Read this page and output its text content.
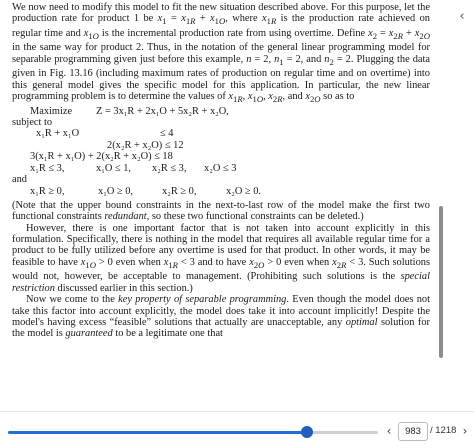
We now need to modify this model to fit the new situation described above. For this purpose, let the production rate for product 1 be $x_1 = x_{1R} + x_{1O}$, where $x_{1R}$ is the production rate achieved on regular time and $x_{1O}$ is the incremental production rate from using overtime. Define $x_2 = x_{2R} + x_{2O}$ in the same way for product 2. Thus, in the notation of the general linear programming model for separable programming given just before this example, n = 2, $n_1 = 2$, and $n_2 = 2$. Plugging the data given in Fig. 13.16 (including maximum rates of production on regular time and on overtime) into this general model gives the specific model for this application. In particular, the new linear programming problem is to determine the values of $x_{1R}$, $x_{1O}$, $x_{2R}$, and $x_{2O}$ so as to

Maximize Z = 3x₁R + 2x₁O + 5x₂R + x₂O,

subject to

x₁R + x₁O	≤ 4
2(x₂R + x₂O) ≤ 12
3(x₁R + x₁O) + 2(x₂R + x₂O) ≤ 18
x₁R ≤ 3,	x₁O ≤ 1, x₂R ≤ 3, x₂O ≤ 3

and

x₁R ≥ 0,	x₁O ≥ 0,	x₂R ≥ 0,	x₂O ≥ 0.

(Note that the upper bound constraints in the next-to-last row of the model make the first two functional constraints redundant, so these two functional constraints can be deleted.)

However, there is one important factor that is not taken into account explicitly in this formulation. Specifically, there is nothing in the model that requires all available regular time for a product to be fully utilized before any overtime is used for that product. In other words, it may be feasible to have $x_{1O} > 0$ even when $x_{1R} < 3$ and to have $x_{2O} > 0$ even when $x_{2R} < 3$. Such solutions would not, however, be acceptable to management. (Prohibiting such solutions is the special restriction discussed earlier in this section.)

Now we come to the key property of separable programming. Even though the model does not take this factor into account explicitly, the model does take it into account implicitly! Despite the model's having excess “feasible” solutions that actually are unacceptable, any optimal solution for the model is guaranteed to be a legitimate one that

‹
‹	983 / 1218 ›
